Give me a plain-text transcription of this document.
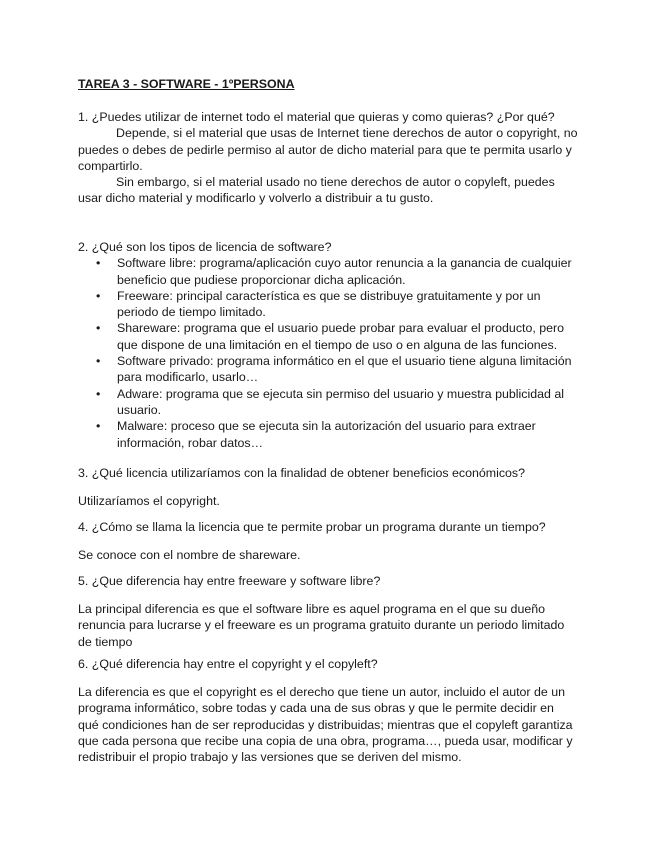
TAREA 3 - SOFTWARE - 1ºPERSONA

1. ¿Puedes utilizar de internet todo el material que quieras y como quieras? ¿Por qué?

Depende, si el material que usas de Internet tiene derechos de autor o copyright, no puedes o debes de pedirle permiso al autor de dicho material para que te permita usarlo y compartirlo.

Sin embargo, si el material usado no tiene derechos de autor o copyleft, puedes usar dicho material y modificarlo y volverlo a distribuir a tu gusto.

2. ¿Qué son los tipos de licencia de software?

• Software libre: programa/aplicación cuyo autor renuncia a la ganancia de cualquier beneficio que pudiese proporcionar dicha aplicación.
• Freeware: principal característica es que se distribuye gratuitamente y por un periodo de tiempo limitado.
• Shareware: programa que el usuario puede probar para evaluar el producto, pero que dispone de una limitación en el tiempo de uso o en alguna de las funciones.
• Software privado: programa informático en el que el usuario tiene alguna limitación para modificarlo, usarlo…
• Adware: programa que se ejecuta sin permiso del usuario y muestra publicidad al usuario.
• Malware: proceso que se ejecuta sin la autorización del usuario para extraer información, robar datos…

3. ¿Qué licencia utilizaríamos con la finalidad de obtener beneficios económicos?

Utilizaríamos el copyright.

4. ¿Cómo se llama la licencia que te permite probar un programa durante un tiempo?

Se conoce con el nombre de shareware.

5. ¿Que diferencia hay entre freeware y software libre?

La principal diferencia es que el software libre es aquel programa en el que su dueño renuncia para lucrarse y el freeware es un programa gratuito durante un periodo limitado de tiempo

6. ¿Qué diferencia hay entre el copyright y el copyleft?

La diferencia es que el copyright es el derecho que tiene un autor, incluido el autor de un programa informático, sobre todas y cada una de sus obras y que le permite decidir en qué condiciones han de ser reproducidas y distribuidas; mientras que el copyleft garantiza que cada persona que recibe una copia de una obra, programa…, pueda usar, modificar y redistribuir el propio trabajo y las versiones que se deriven del mismo.
